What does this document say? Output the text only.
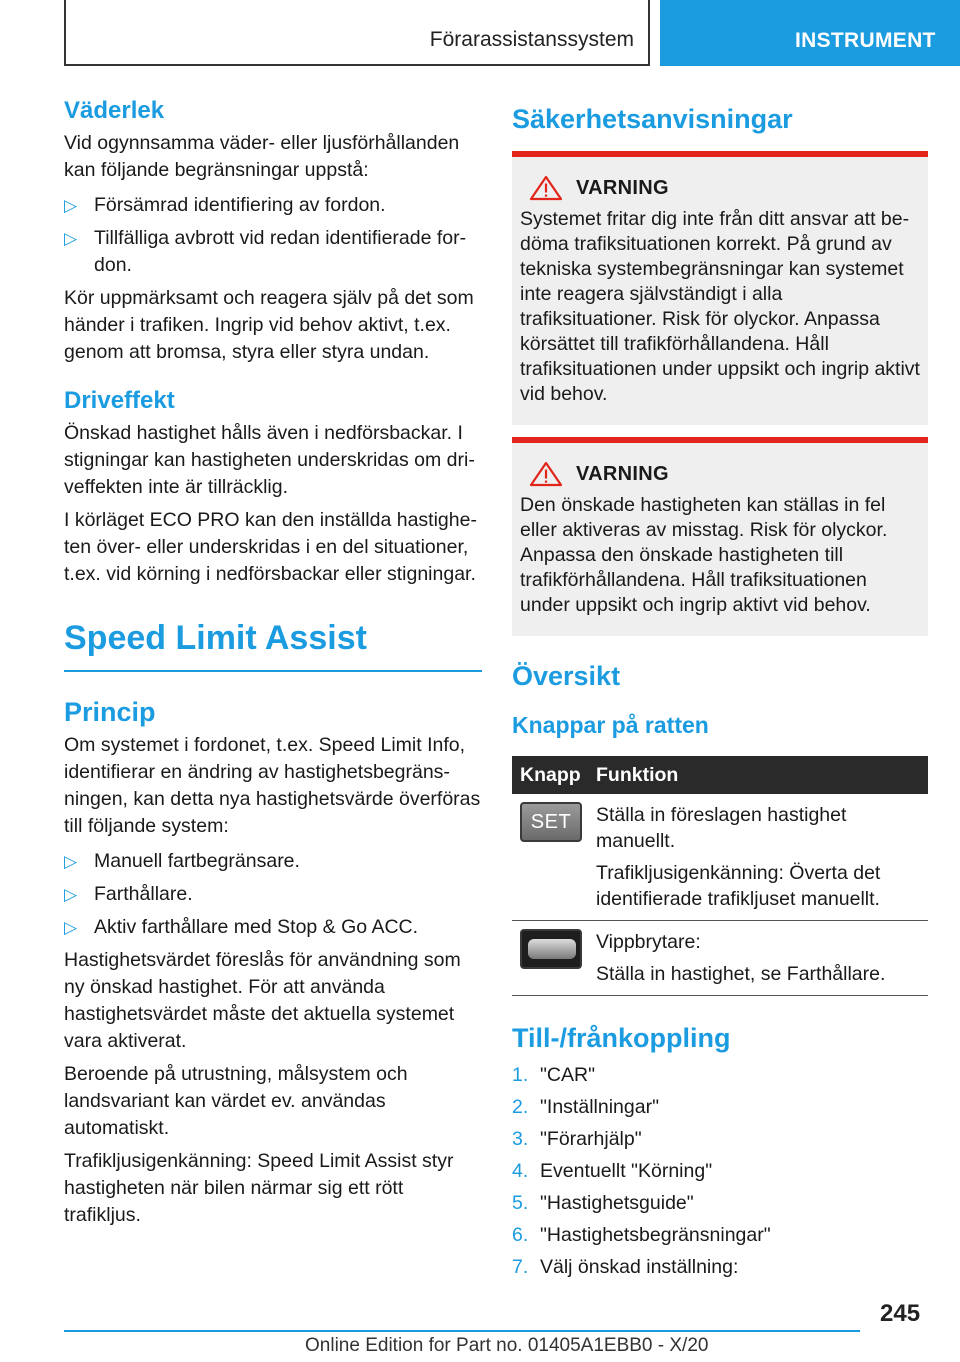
Förarassistanssystem	INSTRUMENT
Väderlek
Vid ogynnsamma väder- eller ljusförhållanden kan följande begränsningar uppstå:
▷ Försämrad identifiering av fordon.
▷ Tillfälliga avbrott vid redan identifierade fordon.
Kör uppmärksamt och reagera själv på det som händer i trafiken. Ingrip vid behov aktivt, t.ex. genom att bromsa, styra eller styra undan.
Driveffekt
Önskad hastighet hålls även i nedförsbackar. I stigningar kan hastigheten underskridas om driveffekten inte är tillräcklig.
I körläget ECO PRO kan den inställda hastigheten över- eller underskridas i en del situationer, t.ex. vid körning i nedförsbackar eller stigningar.
Speed Limit Assist
Princip
Om systemet i fordonet, t.ex. Speed Limit Info, identifierar en ändring av hastighetsbegränsningen, kan detta nya hastighetsvärde överföras till följande system:
▷ Manuell fartbegränsare.
▷ Farthållare.
▷ Aktiv farthållare med Stop & Go ACC.
Hastighetsvärdet föreslås för användning som ny önskad hastighet. För att använda hastighetsvärdet måste det aktuella systemet vara aktiverat.
Beroende på utrustning, målsystem och landsvariant kan värdet ev. användas automatiskt.
Trafikljusigenkänning: Speed Limit Assist styr hastigheten när bilen närmar sig ett rött trafikljus.
Säkerhetsanvisningar
VARNING
Systemet fritar dig inte från ditt ansvar att bedöma trafiksituationen korrekt. På grund av tekniska systembegränsningar kan systemet inte reagera självständigt i alla trafiksituationer. Risk för olyckor. Anpassa körsättet till trafikförhållandena. Håll trafiksituationen under uppsikt och ingrip aktivt vid behov.
VARNING
Den önskade hastigheten kan ställas in fel eller aktiveras av misstag. Risk för olyckor. Anpassa den önskade hastigheten till trafikförhållandena. Håll trafiksituationen under uppsikt och ingrip aktivt vid behov.
Översikt
Knappar på ratten
Knapp	Funktion

SET	Ställa in föreslagen hastighet manuellt.
Trafikljusigenkänning: Överta det identifierade trafikljuset manuellt.

	Vippbrytare:
Ställa in hastighet, se Farthållare.
Till-/frånkoppling
1. "CAR"
2. "Inställningar"
3. "Förarhjälp"
4. Eventuellt "Körning"
5. "Hastighetsguide"
6. "Hastighetsbegränsningar"
7. Välj önskad inställning:
245
Online Edition for Part no. 01405A1EBB0 - X/20
